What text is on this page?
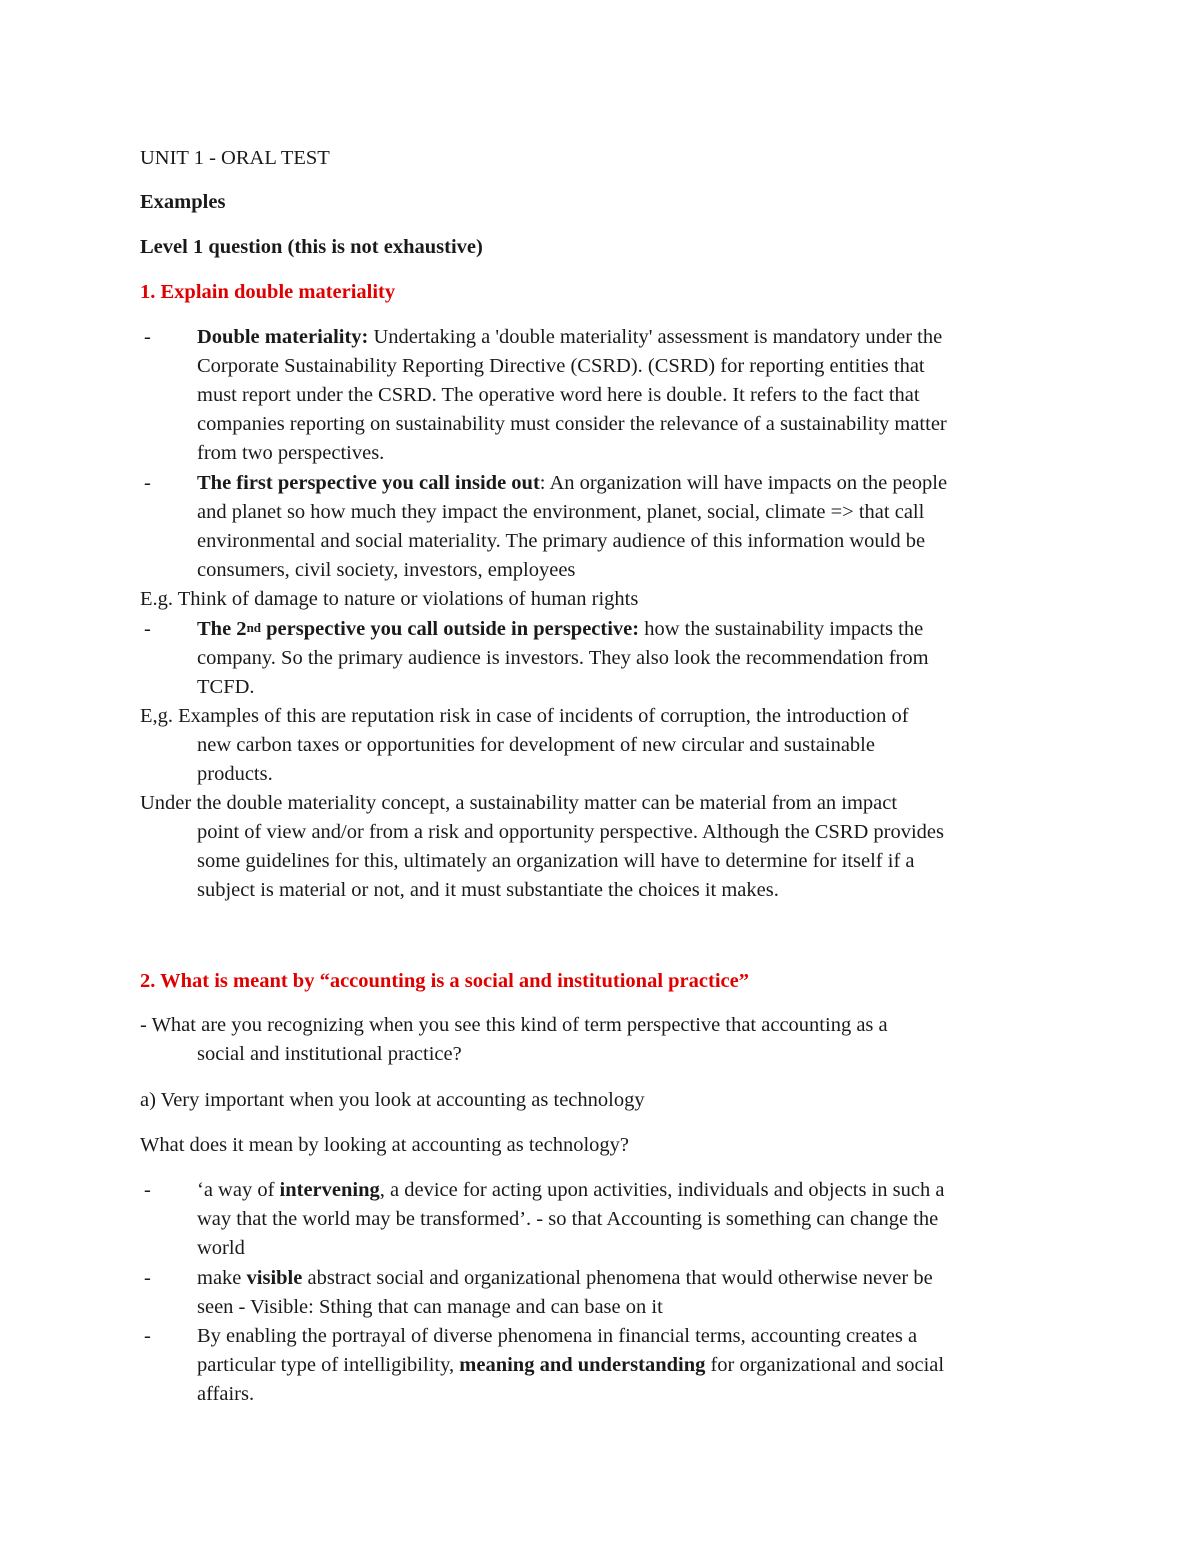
UNIT 1 - ORAL TEST
Examples
Level 1 question (this is not exhaustive)
1. Explain double materiality
- Double materiality: Undertaking a 'double materiality' assessment is mandatory under the
Corporate Sustainability Reporting Directive (CSRD). (CSRD) for reporting entities that
must report under the CSRD. The operative word here is double. It refers to the fact that
companies reporting on sustainability must consider the relevance of a sustainability matter
from two perspectives.
- The first perspective you call inside out: An organization will have impacts on the people
and planet so how much they impact the environment, planet, social, climate => that call
environmental and social materiality. The primary audience of this information would be
consumers, civil society, investors, employees
E.g. Think of damage to nature or violations of human rights
- The 2nd perspective you call outside in perspective: how the sustainability impacts the
company. So the primary audience is investors. They also look the recommendation from
TCFD.
E,g. Examples of this are reputation risk in case of incidents of corruption, the introduction of
new carbon taxes or opportunities for development of new circular and sustainable
products.
Under the double materiality concept, a sustainability matter can be material from an impact
point of view and/or from a risk and opportunity perspective. Although the CSRD provides
some guidelines for this, ultimately an organization will have to determine for itself if a
subject is material or not, and it must substantiate the choices it makes.
2. What is meant by “accounting is a social and institutional practice”
- What are you recognizing when you see this kind of term perspective that accounting as a
social and institutional practice?
a) Very important when you look at accounting as technology
What does it mean by looking at accounting as technology?
- ‘a way of intervening, a device for acting upon activities, individuals and objects in such a
way that the world may be transformed’. - so that Accounting is something can change the
world
- make visible abstract social and organizational phenomena that would otherwise never be
seen - Visible: Sthing that can manage and can base on it
- By enabling the portrayal of diverse phenomena in financial terms, accounting creates a
particular type of intelligibility, meaning and understanding for organizational and social
affairs.
